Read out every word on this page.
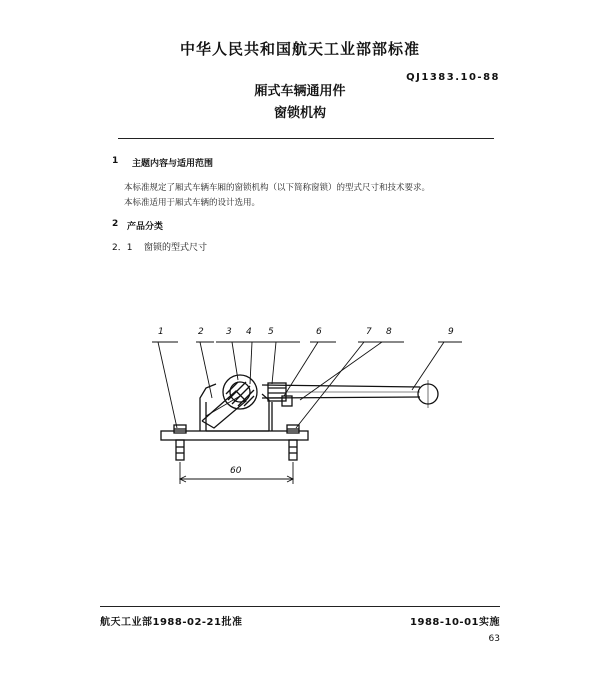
中华人民共和国航天工业部部标准
QJ1383.10-88
厢式车辆通用件
窗锁机构
1 主题内容与适用范围
本标准规定了厢式车辆车厢的窗锁机构（以下简称窗锁）的型式尺寸和技术要求。
本标准适用于厢式车辆的设计选用。
2 产品分类
2．1 窗锁的型式尺寸
1	2 3 4 5	6	7 8	9
60
航天工业部1988-02-21批准	1988-10-01实施
63
